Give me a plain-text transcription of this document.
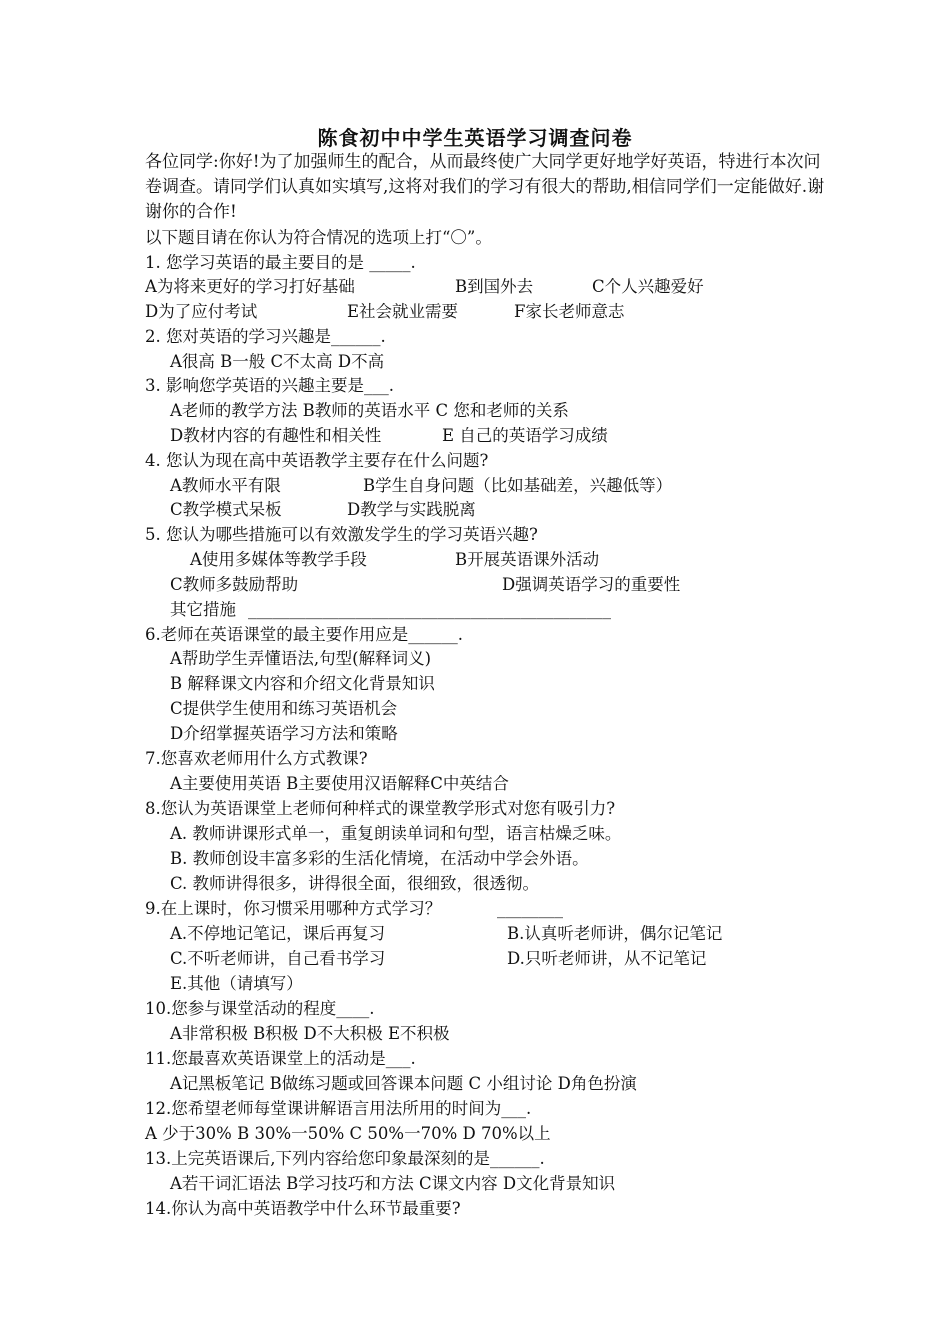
陈食初中中学生英语学习调查问卷
各位同学:你好!为了加强师生的配合，从而最终使广大同学更好地学好英语，特进行本次问卷调查。请同学们认真如实填写,这将对我们的学习有很大的帮助,相信同学们一定能做好.谢谢你的合作!
以下题目请在你认为符合情况的选项上打“〇”。
1. 您学习英语的最主要目的是 _____.
A为将来更好的学习打好基础	B到国外去	C个人兴趣爱好
D为了应付考试	E社会就业需要	F家长老师意志
2. 您对英语的学习兴趣是______.
A很高 B一般 C不太高 D不高
3. 影响您学英语的兴趣主要是___.
A老师的教学方法 B教师的英语水平 C 您和老师的关系
D教材内容的有趣性和相关性	E 自己的英语学习成绩
4. 您认为现在高中英语教学主要存在什么问题?
A教师水平有限	B学生自身问题（比如基础差，兴趣低等）
C教学模式呆板	D教学与实践脱离
5. 您认为哪些措施可以有效激发学生的学习英语兴趣?
A使用多媒体等教学手段	B开展英语课外活动
C教师多鼓励帮助	D强调英语学习的重要性
其它措施 ____________________________________________
6.老师在英语课堂的最主要作用应是______.
A帮助学生弄懂语法,句型(解释词义)
B 解释课文内容和介绍文化背景知识
C提供学生使用和练习英语机会
D介绍掌握英语学习方法和策略
7.您喜欢老师用什么方式教课?
A主要使用英语 B主要使用汉语解释C中英结合
8.您认为英语课堂上老师何种样式的课堂教学形式对您有吸引力?
A. 教师讲课形式单一，重复朗读单词和句型，语言枯燥乏味。
B. 教师创设丰富多彩的生活化情境，在活动中学会外语。
C. 教师讲得很多，讲得很全面，很细致，很透彻。
9.在上课时，你习惯采用哪种方式学习？	________
A.不停地记笔记，课后再复习	B.认真听老师讲，偶尔记笔记
C.不听老师讲，自己看书学习	D.只听老师讲，从不记笔记
E.其他（请填写）
10.您参与课堂活动的程度____.
A非常积极 B积极 D不大积极 E不积极
11.您最喜欢英语课堂上的活动是___.
A记黑板笔记 B做练习题或回答课本问题 C 小组讨论 D角色扮演
12.您希望老师每堂课讲解语言用法所用的时间为___.
A 少于30% B 30%一50% C 50%一70% D 70%以上
13.上完英语课后,下列内容给您印象最深刻的是______.
A若干词汇语法 B学习技巧和方法 C课文内容 D文化背景知识
14.你认为高中英语教学中什么环节最重要?
